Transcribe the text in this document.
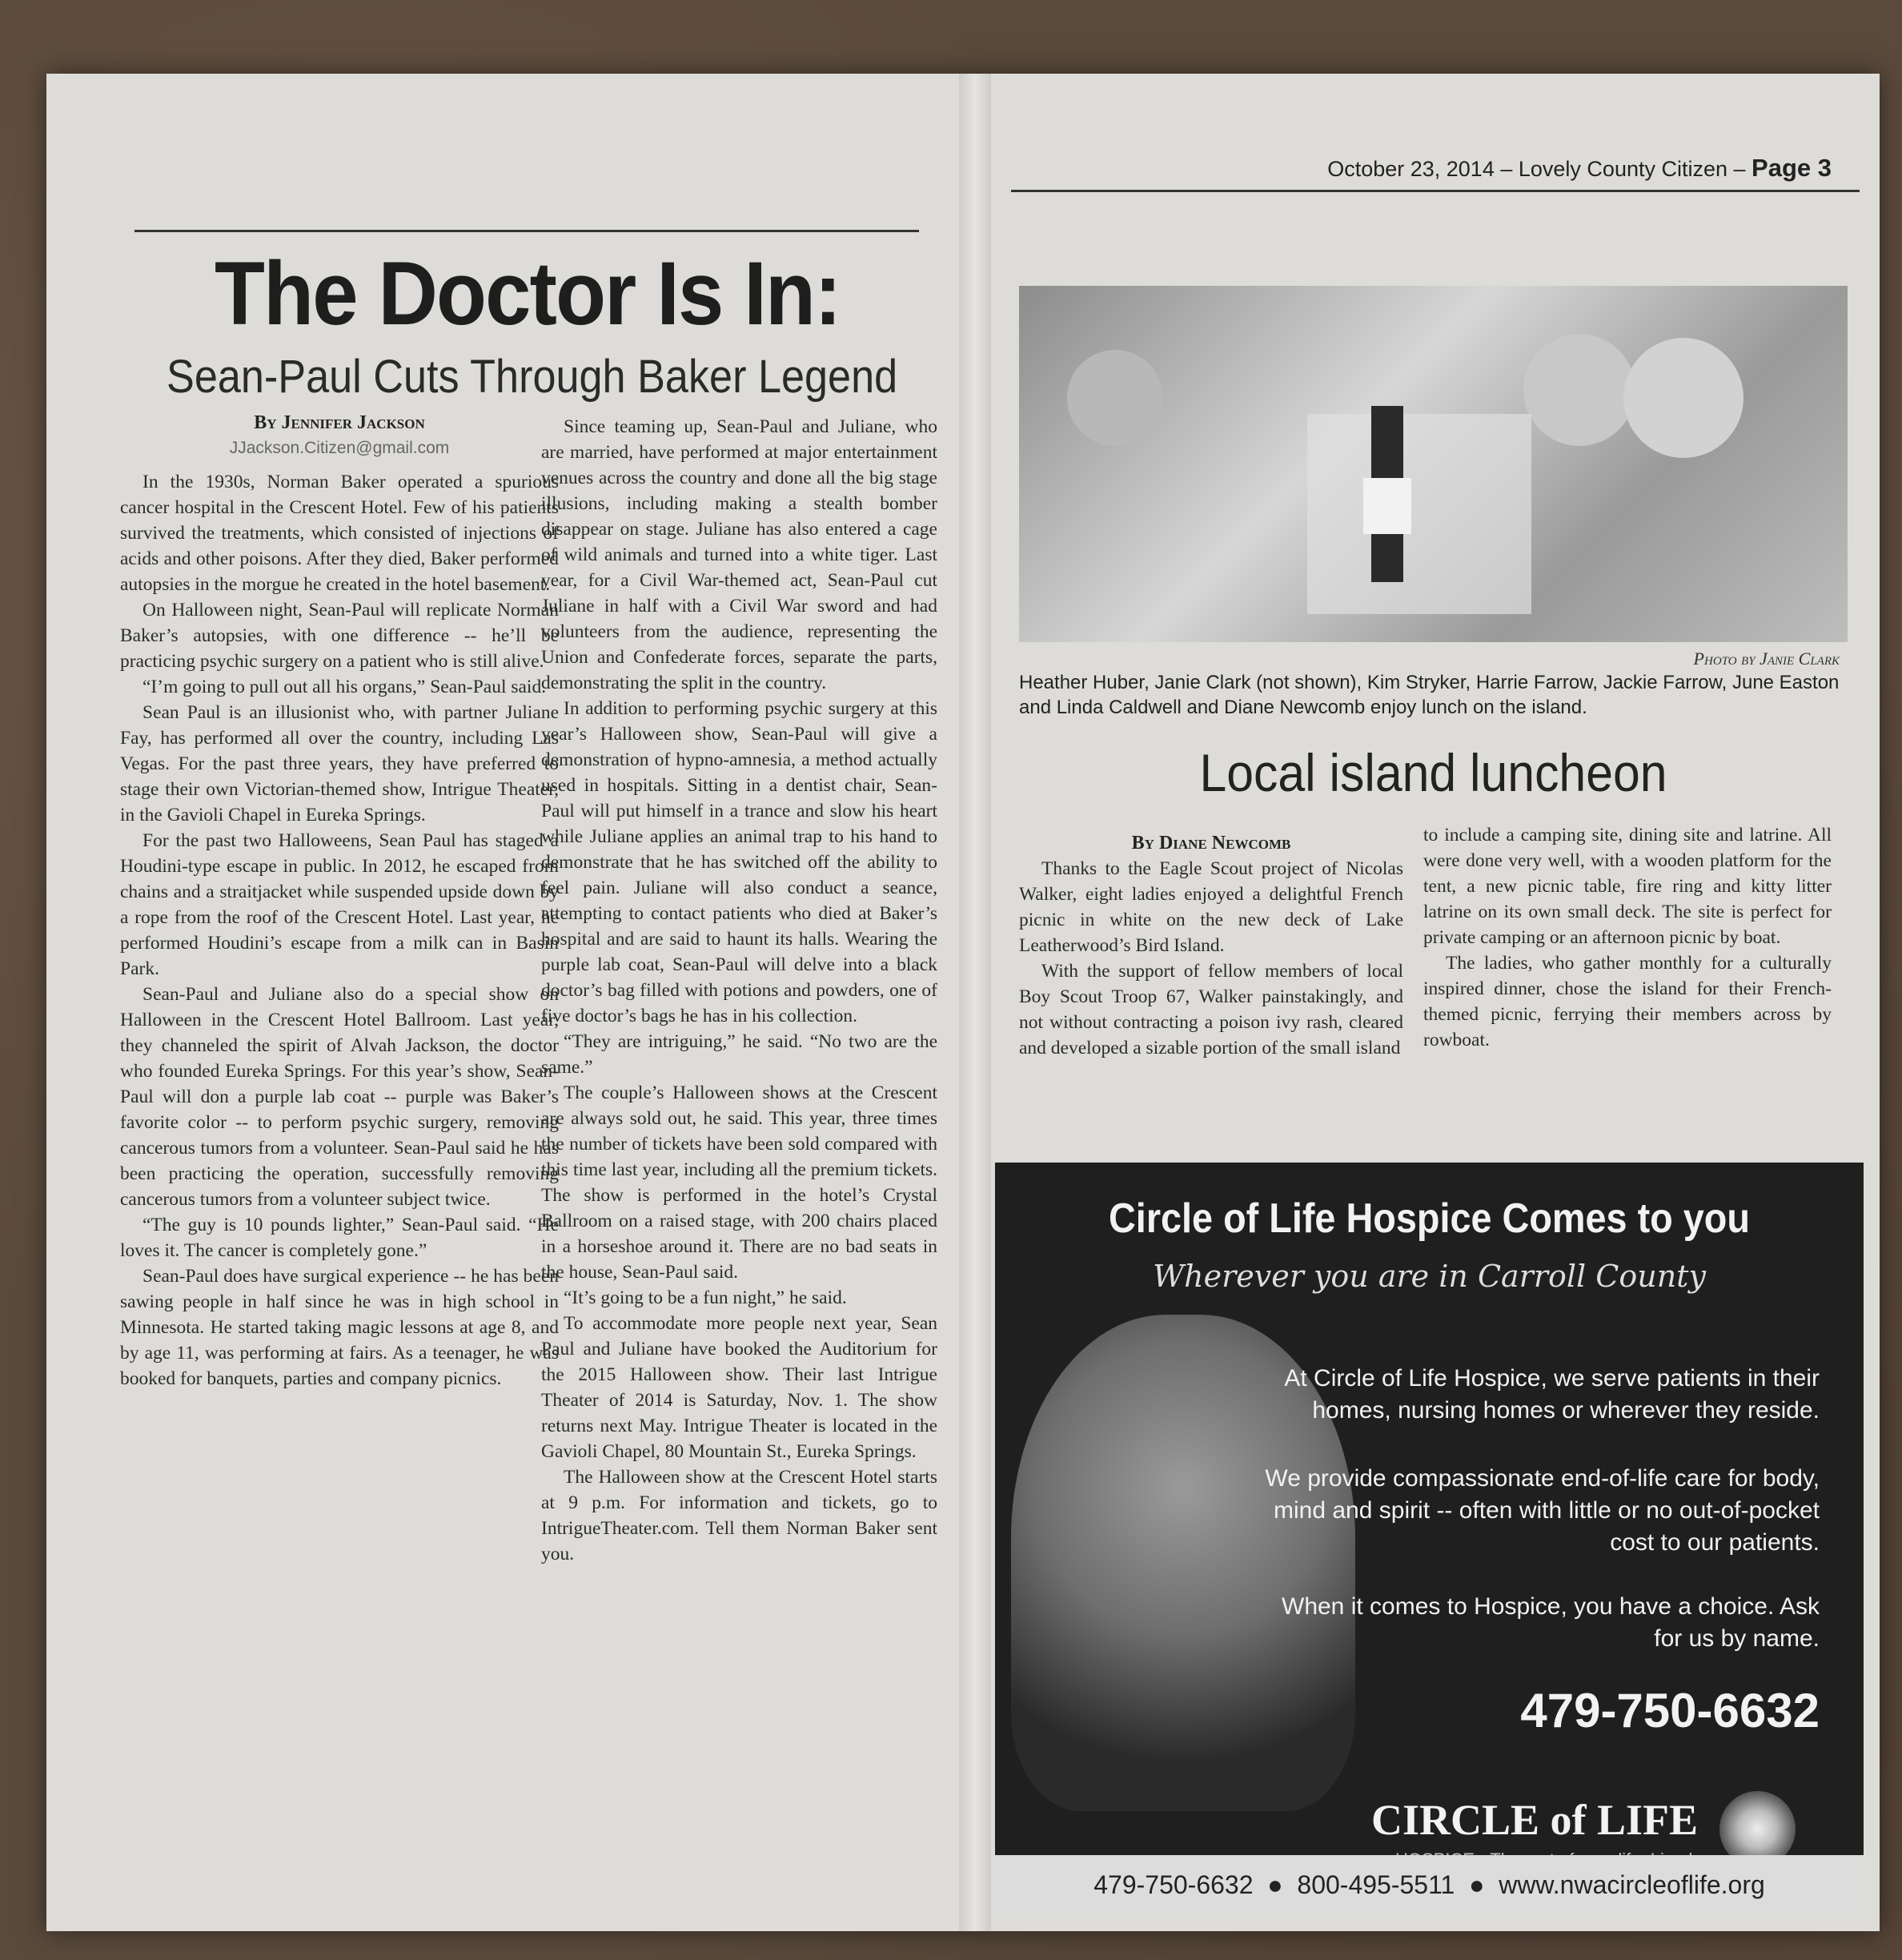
The Doctor Is In:
Sean-Paul Cuts Through Baker Legend
By Jennifer Jackson
JJackson.Citizen@gmail.com

In the 1930s, Norman Baker operated a spurious cancer hospital in the Crescent Hotel. Few of his patients survived the treatments, which consisted of injections of acids and other poisons. After they died, Baker performed autopsies in the morgue he created in the hotel basement.

On Halloween night, Sean-Paul will replicate Norman Baker’s autopsies, with one difference -- he’ll be practicing psychic surgery on a patient who is still alive.

“I’m going to pull out all his organs,” Sean-Paul said.

Sean Paul is an illusionist who, with partner Juliane Fay, has performed all over the country, including Las Vegas. For the past three years, they have preferred to stage their own Victorian-themed show, Intrigue Theater, in the Gavioli Chapel in Eureka Springs.

For the past two Halloweens, Sean Paul has staged a Houdini-type escape in public. In 2012, he escaped from chains and a straitjacket while suspended upside down by a rope from the roof of the Crescent Hotel. Last year, he performed Houdini’s escape from a milk can in Basin Park.

Sean-Paul and Juliane also do a special show on Halloween in the Crescent Hotel Ballroom. Last year, they channeled the spirit of Alvah Jackson, the doctor who founded Eureka Springs. For this year’s show, Sean-Paul will don a purple lab coat -- purple was Baker’s favorite color -- to perform psychic surgery, removing cancerous tumors from a volunteer. Sean-Paul said he has been practicing the operation, successfully removing cancerous tumors from a volunteer subject twice.

“The guy is 10 pounds lighter,” Sean-Paul said. “He loves it. The cancer is completely gone.”

Sean-Paul does have surgical experience -- he has been sawing people in half since he was in high school in Minnesota. He started taking magic lessons at age 8, and by age 11, was performing at fairs. As a teenager, he was booked for banquets, parties and company picnics.

Since teaming up, Sean-Paul and Juliane, who are married, have performed at major entertainment venues across the country and done all the big stage illusions, including making a stealth bomber disappear on stage. Juliane has also entered a cage of wild animals and turned into a white tiger. Last year, for a Civil War-themed act, Sean-Paul cut Juliane in half with a Civil War sword and had volunteers from the audience, representing the Union and Confederate forces, separate the parts, demonstrating the split in the country.

In addition to performing psychic surgery at this year’s Halloween show, Sean-Paul will give a demonstration of hypno-amnesia, a method actually used in hospitals. Sitting in a dentist chair, Sean-Paul will put himself in a trance and slow his heart while Juliane applies an animal trap to his hand to demonstrate that he has switched off the ability to feel pain. Juliane will also conduct a seance, attempting to contact patients who died at Baker’s hospital and are said to haunt its halls. Wearing the purple lab coat, Sean-Paul will delve into a black doctor’s bag filled with potions and powders, one of five doctor’s bags he has in his collection.

“They are intriguing,” he said. “No two are the same.”

The couple’s Halloween shows at the Crescent are always sold out, he said. This year, three times the number of tickets have been sold compared with this time last year, including all the premium tickets. The show is performed in the hotel’s Crystal Ballroom on a raised stage, with 200 chairs placed in a horseshoe around it. There are no bad seats in the house, Sean-Paul said.

“It’s going to be a fun night,” he said.

To accommodate more people next year, Sean Paul and Juliane have booked the Auditorium for the 2015 Halloween show. Their last Intrigue Theater of 2014 is Saturday, Nov. 1. The show returns next May. Intrigue Theater is located in the Gavioli Chapel, 80 Mountain St., Eureka Springs.

The Halloween show at the Crescent Hotel starts at 9 p.m. For information and tickets, go to IntrigueTheater.com. Tell them Norman Baker sent you.

October 23, 2014 – Lovely County Citizen – Page 3
Photo by Janie Clark
Heather Huber, Janie Clark (not shown), Kim Stryker, Harrie Farrow, Jackie Farrow, June Easton and Linda Caldwell and Diane Newcomb enjoy lunch on the island.
Local island luncheon
By Diane Newcomb

Thanks to the Eagle Scout project of Nicolas Walker, eight ladies enjoyed a delightful French picnic in white on the new deck of Lake Leatherwood’s Bird Island.

With the support of fellow members of local Boy Scout Troop 67, Walker painstakingly, and not without contracting a poison ivy rash, cleared and developed a sizable portion of the small island

to include a camping site, dining site and latrine. All were done very well, with a wooden platform for the tent, a new picnic table, fire ring and kitty litter latrine on its own small deck. The site is perfect for private camping or an afternoon picnic by boat.

The ladies, who gather monthly for a culturally inspired dinner, chose the island for their French-themed picnic, ferrying their members across by rowboat.

Circle of Life Hospice Comes to you
Wherever you are in Carroll County
At Circle of Life Hospice, we serve patients in their homes, nursing homes or wherever they reside.
We provide compassionate end-of-life care for body, mind and spirit -- often with little or no out-of-pocket cost to our patients.
When it comes to Hospice, you have a choice. Ask for us by name.
479-750-6632
CIRCLE of LIFE
479-750-6632  ●  800-495-5511  ●  www.nwacircleoflife.org
